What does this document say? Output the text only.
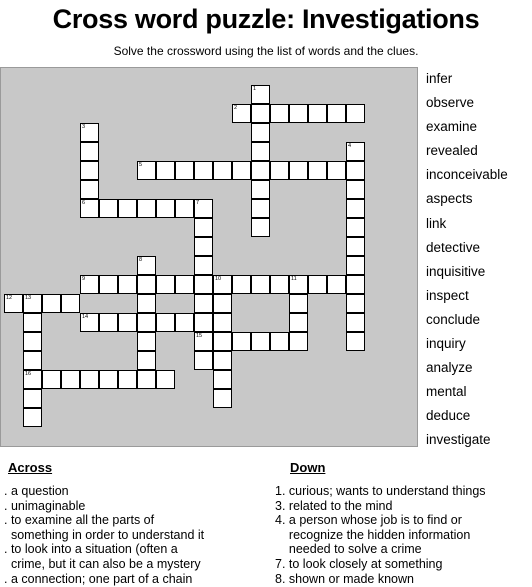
Cross word puzzle: Investigations
Solve the crossword using the list of words and the clues.
1
2
3
6
4
5
7
15
8
9	10	11
12 13
16
14
infer
observe
examine
revealed
inconceivable
aspects
link
detective
inquisitive
inspect
conclude
inquiry
analyze
mental
deduce
investigate
Across
. a question
. unimaginable
. to examine all the parts of
something in order to understand it
. to look into a situation (often a
crime, but it can also be a mystery
. a connection; one part of a chain
Down
1. curious; wants to understand things
3. related to the mind
4. a person whose job is to find or
recognize the hidden information
needed to solve a crime
7. to look closely at something
8. shown or made known
